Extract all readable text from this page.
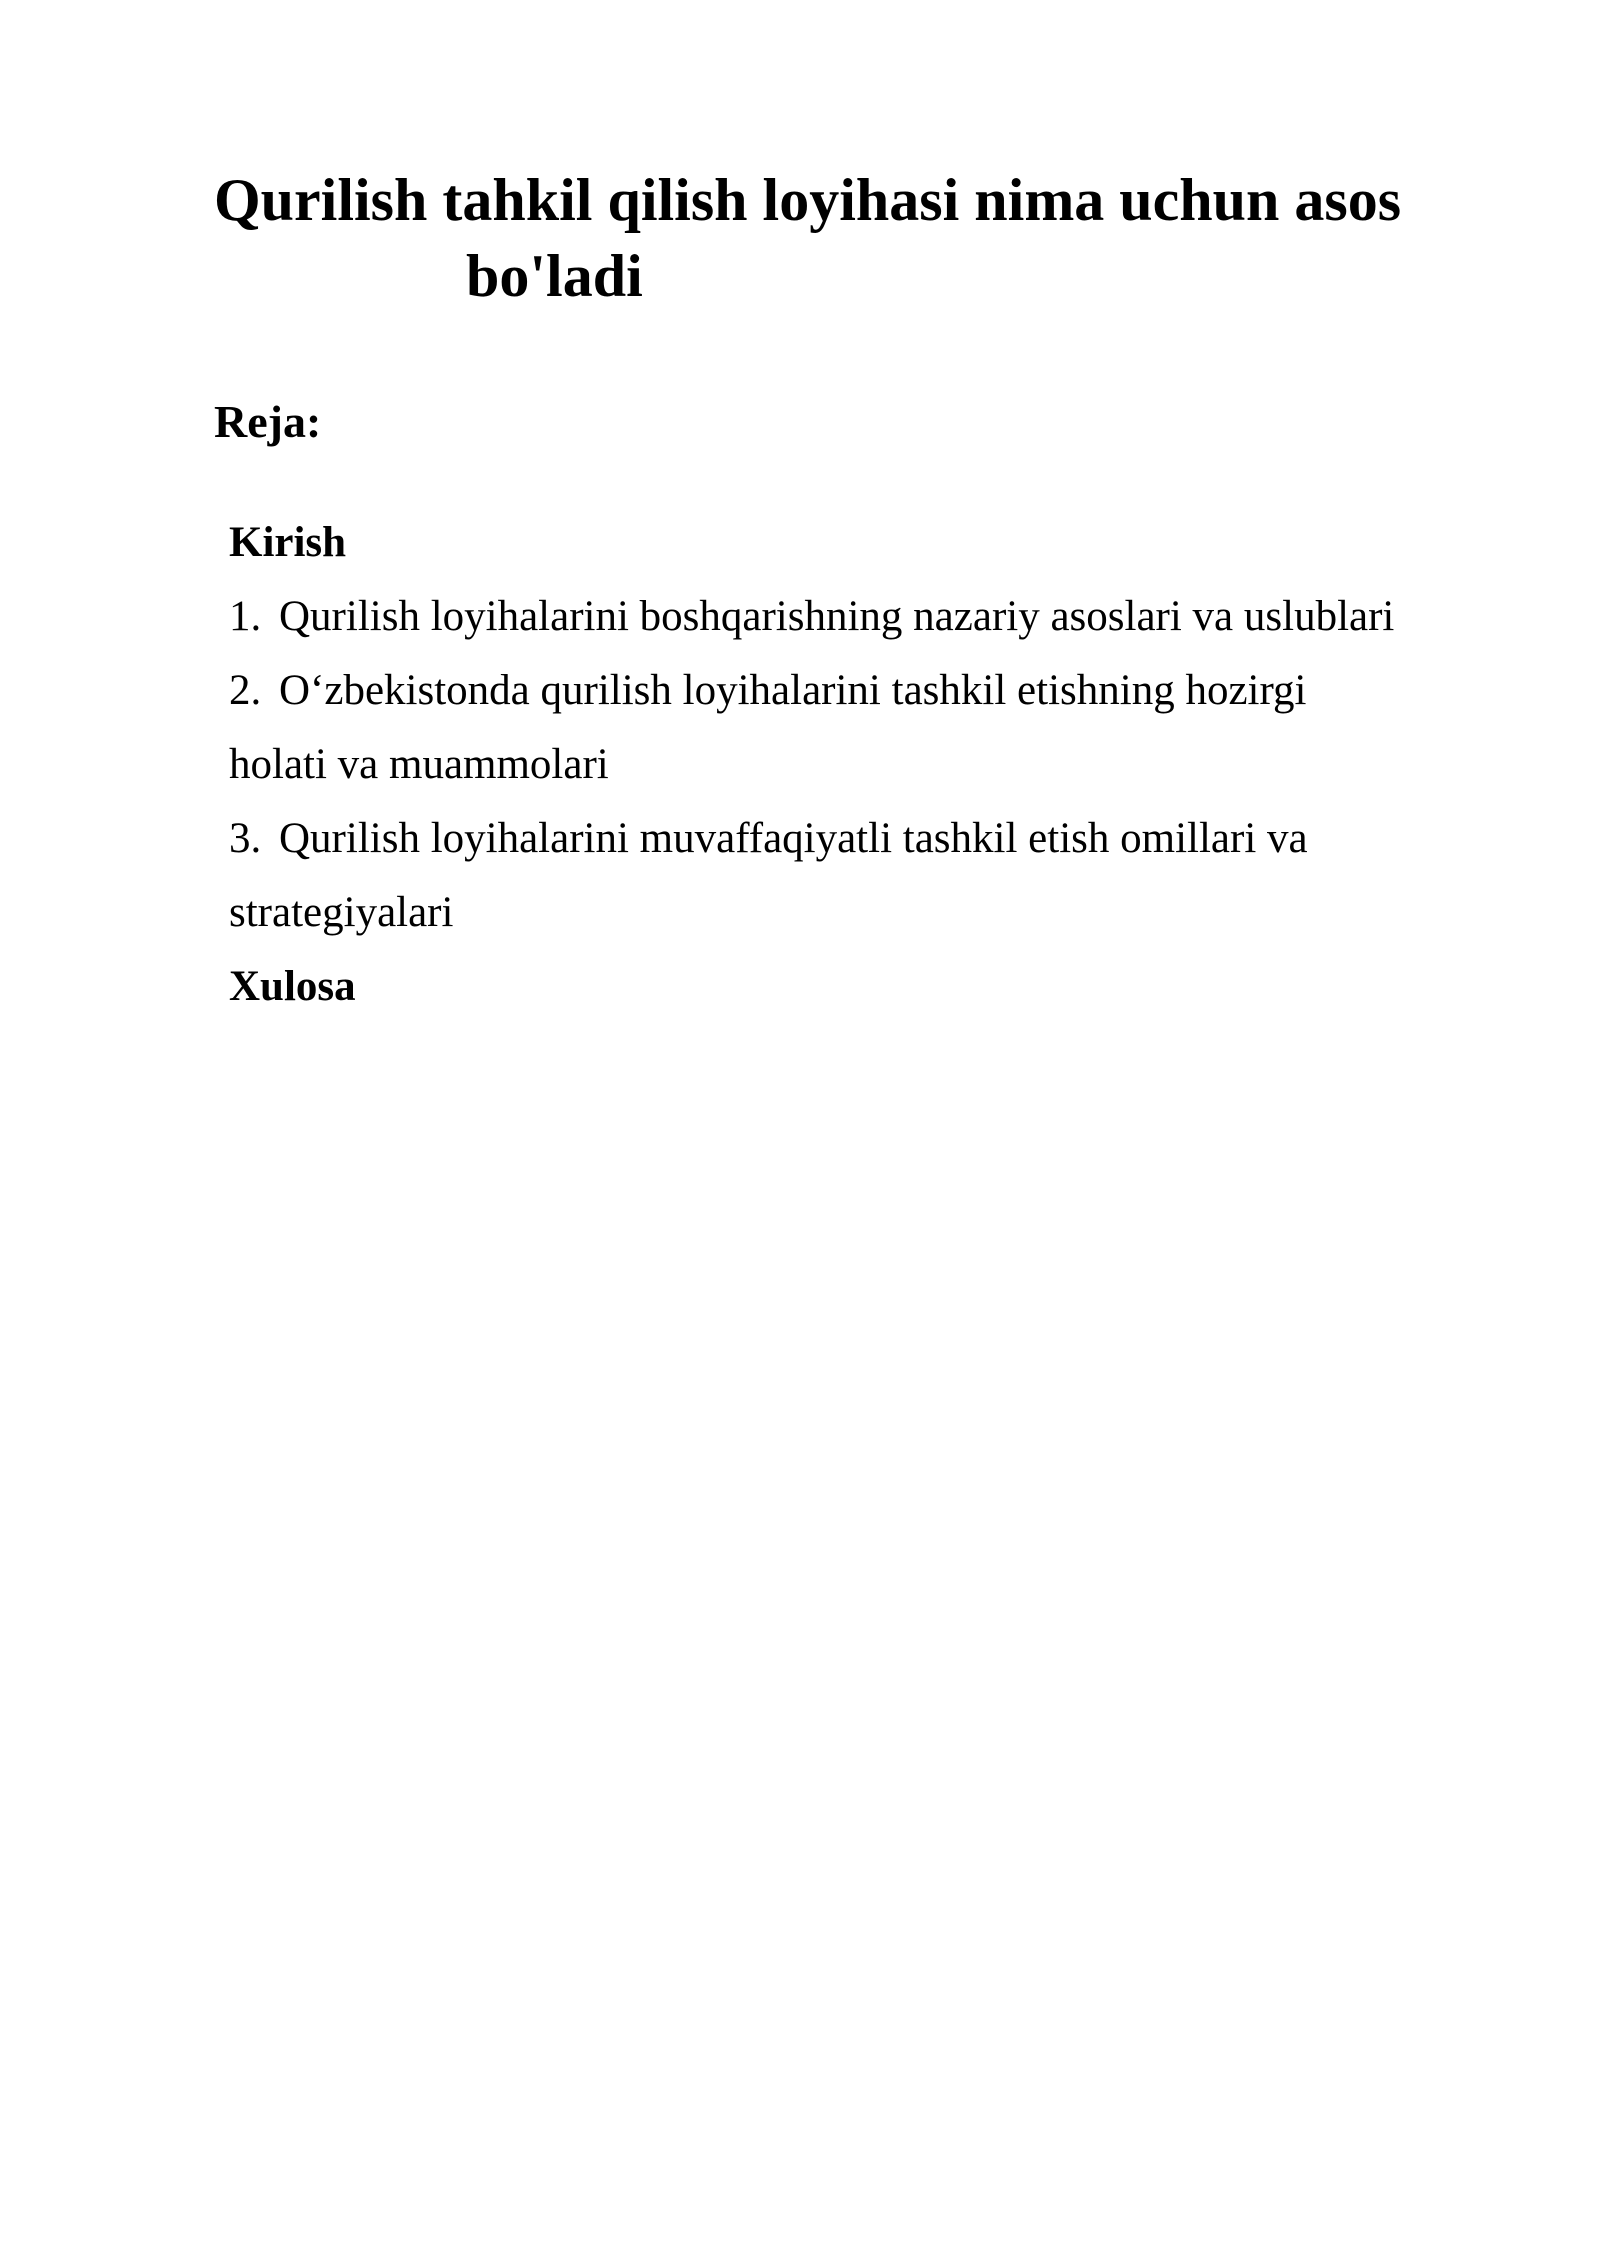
Qurilish tahkil qilish loyihasi nima uchun asos
bo'ladi
Reja:
Kirish
1. Qurilish loyihalarini boshqarishning nazariy asoslari va uslublari
2. O‘zbekistonda qurilish loyihalarini tashkil etishning hozirgi
holati va muammolari
3. Qurilish loyihalarini muvaffaqiyatli tashkil etish omillari va
strategiyalari
Xulosa
